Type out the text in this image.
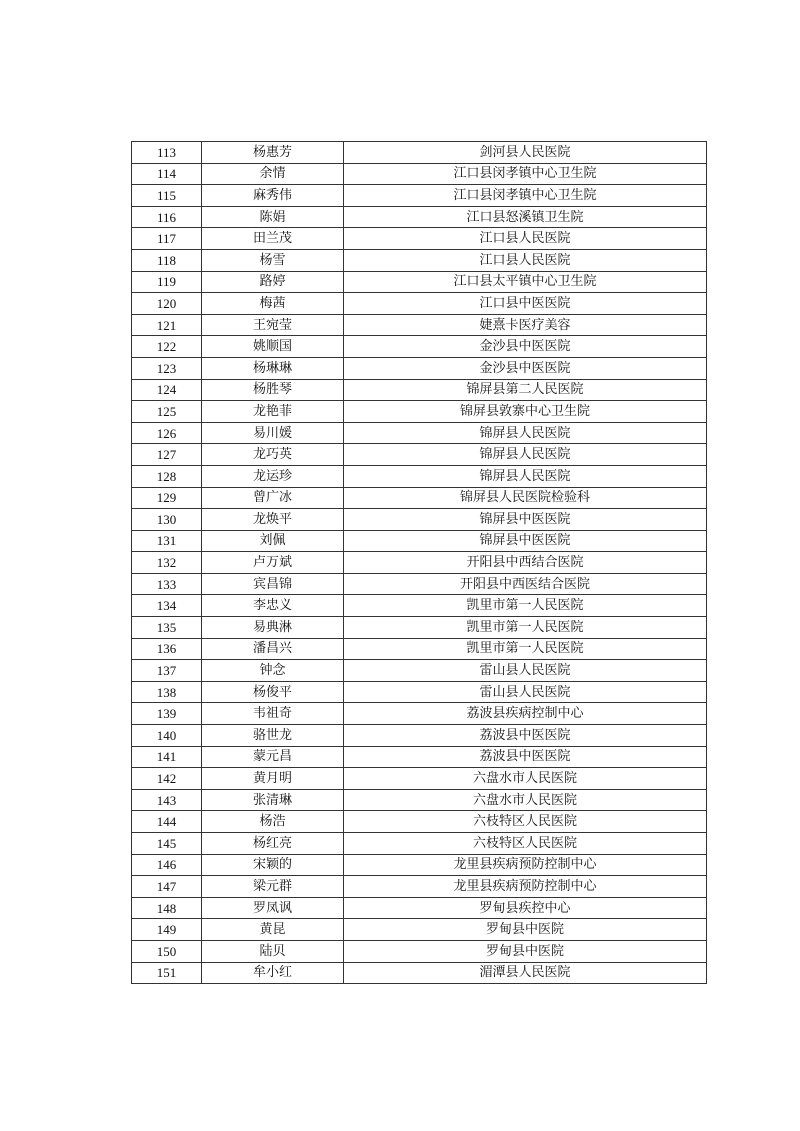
113	杨惠芳	剑河县人民医院
114	余情	江口县闵孝镇中心卫生院
115	麻秀伟	江口县闵孝镇中心卫生院
116	陈娟	江口县怒溪镇卫生院
117	田兰茂	江口县人民医院
118	杨雪	江口县人民医院
119	路婷	江口县太平镇中心卫生院
120	梅茜	江口县中医医院
121	王宛莹	婕熹卡医疗美容
122	姚顺国	金沙县中医医院
123	杨琳琳	金沙县中医医院
124	杨胜琴	锦屏县第二人民医院
125	龙艳菲	锦屏县敦寨中心卫生院
126	易川媛	锦屏县人民医院
127	龙巧英	锦屏县人民医院
128	龙运珍	锦屏县人民医院
129	曾广冰	锦屏县人民医院检验科
130	龙焕平	锦屏县中医医院
131	刘佩	锦屏县中医医院
132	卢万斌	开阳县中西结合医院
133	宾昌锦	开阳县中西医结合医院
134	李忠义	凯里市第一人民医院
135	易典淋	凯里市第一人民医院
136	潘昌兴	凯里市第一人民医院
137	钟念	雷山县人民医院
138	杨俊平	雷山县人民医院
139	韦祖奇	荔波县疾病控制中心
140	骆世龙	荔波县中医医院
141	蒙元昌	荔波县中医医院
142	黄月明	六盘水市人民医院
143	张清琳	六盘水市人民医院
144	杨浩	六枝特区人民医院
145	杨红亮	六枝特区人民医院
146	宋颖的	龙里县疾病预防控制中心
147	梁元群	龙里县疾病预防控制中心
148	罗凤讽	罗甸县疾控中心
149	黄昆	罗甸县中医院
150	陆贝	罗甸县中医院
151	牟小红	湄潭县人民医院
